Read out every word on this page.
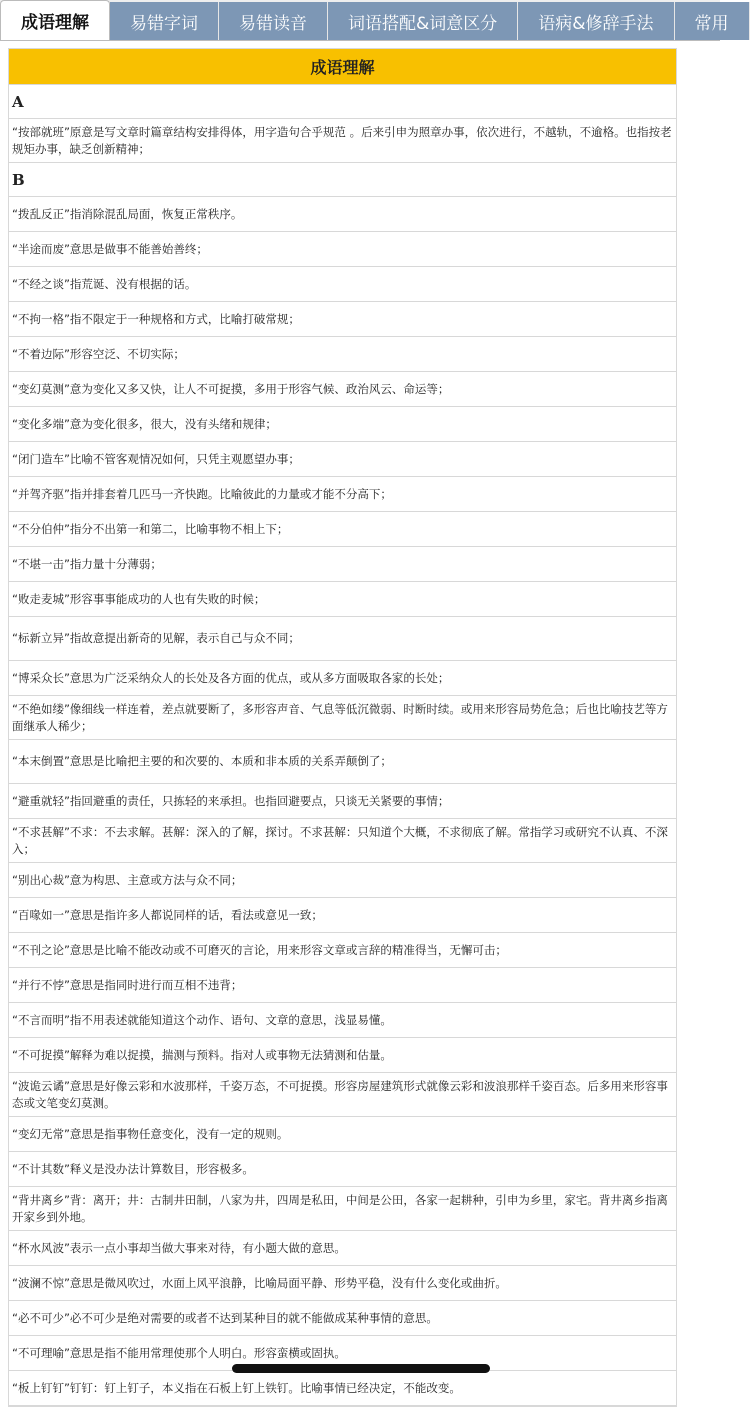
成语理解	易错字词	易错读音	词语搭配&词意区分	语病&修辞手法	常用
成语理解
A
“按部就班”原意是写文章时篇章结构安排得体，用字造句合乎规范 。后来引申为照章办事，依次进行，不越轨，不逾格。也指按老规矩办事，缺乏创新精神；
B
“拨乱反正”指消除混乱局面，恢复正常秩序。
“半途而废”意思是做事不能善始善终；
“不经之谈”指荒诞、没有根据的话。
“不拘一格”指不限定于一种规格和方式，比喻打破常规；
“不着边际”形容空泛、不切实际；
“变幻莫测”意为变化又多又快，让人不可捉摸，多用于形容气候、政治风云、命运等；
“变化多端”意为变化很多，很大，没有头绪和规律；
“闭门造车”比喻不管客观情况如何，只凭主观愿望办事；
“并驾齐驱”指并排套着几匹马一齐快跑。比喻彼此的力量或才能不分高下；
“不分伯仲”指分不出第一和第二，比喻事物不相上下；
“不堪一击”指力量十分薄弱；
“败走麦城”形容事事能成功的人也有失败的时候；
“标新立异”指故意提出新奇的见解，表示自己与众不同；
“博采众长”意思为广泛采纳众人的长处及各方面的优点，或从多方面吸取各家的长处；
“不绝如缕”像细线一样连着，差点就要断了，多形容声音、气息等低沉微弱、时断时续。或用来形容局势危急；后也比喻技艺等方面继承人稀少；
“本末倒置”意思是比喻把主要的和次要的、本质和非本质的关系弄颠倒了；
“避重就轻”指回避重的责任，只拣轻的来承担。也指回避要点，只谈无关紧要的事情；
“不求甚解”不求：不去求解。甚解：深入的了解，探讨。不求甚解：只知道个大概，不求彻底了解。常指学习或研究不认真、不深入；
“别出心裁”意为构思、主意或方法与众不同；
“百喙如一”意思是指许多人都说同样的话，看法或意见一致；
“不刊之论”意思是比喻不能改动或不可磨灭的言论，用来形容文章或言辞的精准得当，无懈可击；
“并行不悖”意思是指同时进行而互相不违背；
“不言而明”指不用表述就能知道这个动作、语句、文章的意思，浅显易懂。
“不可捉摸”解释为难以捉摸，揣测与预料。指对人或事物无法猜测和估量。
“波诡云谲”意思是好像云彩和水波那样，千姿万态，不可捉摸。形容房屋建筑形式就像云彩和波浪那样千姿百态。后多用来形容事态或文笔变幻莫测。
“变幻无常”意思是指事物任意变化，没有一定的规则。
“不计其数”释义是没办法计算数目，形容极多。
“背井离乡”背：离开；井：古制井田制，八家为井，四周是私田，中间是公田，各家一起耕种，引申为乡里，家宅。背井离乡指离开家乡到外地。
“杯水风波”表示一点小事却当做大事来对待，有小题大做的意思。
“波澜不惊”意思是微风吹过，水面上风平浪静，比喻局面平静、形势平稳，没有什么变化或曲折。
“必不可少”必不可少是绝对需要的或者不达到某种目的就不能做成某种事情的意思。
“不可理喻”意思是指不能用常理使那个人明白。形容蛮横或固执。
“板上钉钉”钉钉：钉上钉子，本义指在石板上钉上铁钉。比喻事情已经决定，不能改变。
